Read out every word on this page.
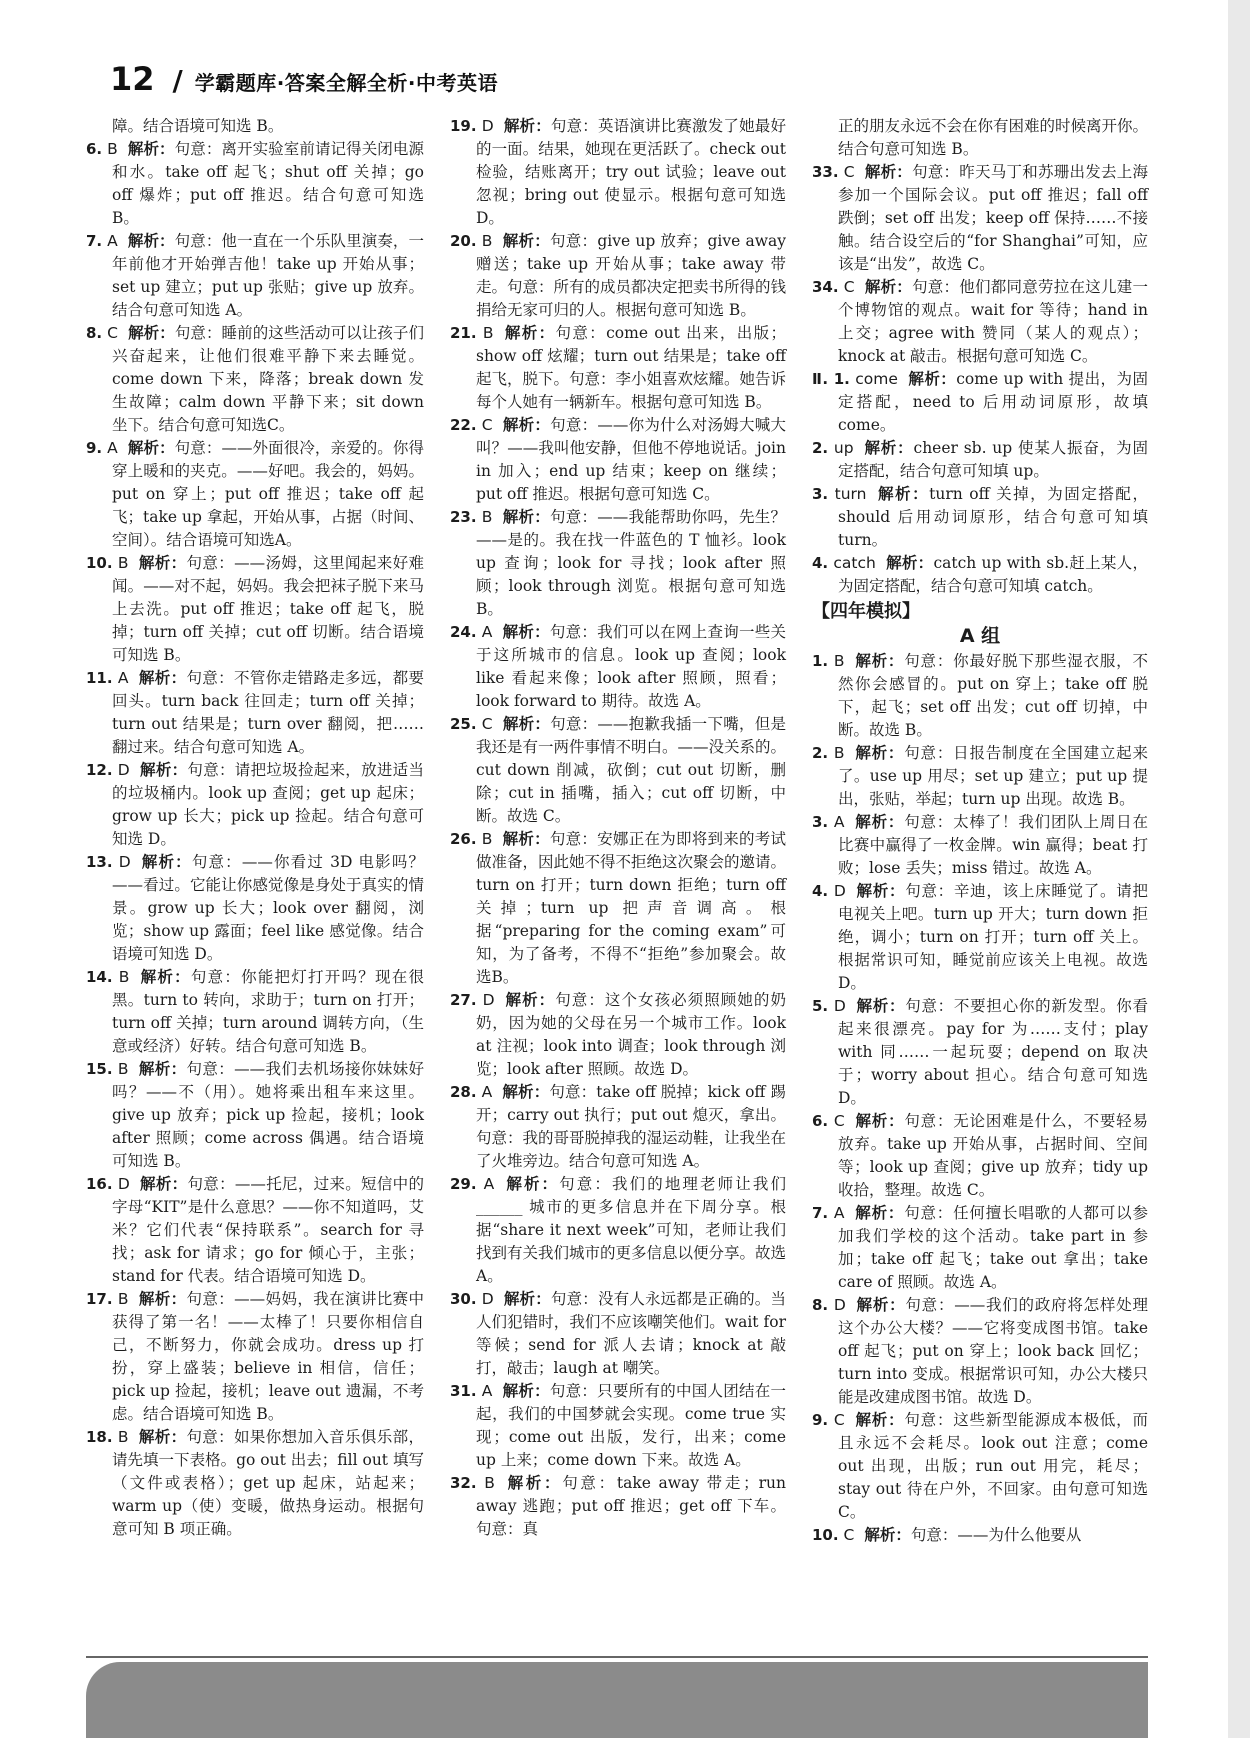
12 / 学霸题库·答案全解全析·中考英语

障。结合语境可知选 B。

6. B 解析：句意：离开实验室前请记得关闭电源和水。take off 起飞；shut off 关掉；go off 爆炸；put off 推迟。结合句意可知选 B。

7. A 解析：句意：他一直在一个乐队里演奏，一年前他才开始弹吉他！take up 开始从事；set up 建立；put up 张贴；give up 放弃。结合句意可知选 A。

8. C 解析：句意：睡前的这些活动可以让孩子们兴奋起来，让他们很难平静下来去睡觉。come down 下来，降落；break down 发生故障；calm down 平静下来；sit down 坐下。结合句意可知选C。

9. A 解析：句意：——外面很冷，亲爱的。你得穿上暖和的夹克。——好吧。我会的，妈妈。put on 穿上；put off 推迟；take off 起飞；take up 拿起，开始从事，占据（时间、空间）。结合语境可知选A。

10. B 解析：句意：——汤姆，这里闻起来好难闻。——对不起，妈妈。我会把袜子脱下来马上去洗。put off 推迟；take off 起飞，脱掉；turn off 关掉；cut off 切断。结合语境可知选 B。

11. A 解析：句意：不管你走错路走多远，都要回头。turn back 往回走；turn off 关掉；turn out 结果是；turn over 翻阅，把……翻过来。结合句意可知选 A。

12. D 解析：句意：请把垃圾捡起来，放进适当的垃圾桶内。look up 查阅；get up 起床；grow up 长大；pick up 捡起。结合句意可知选 D。

13. D 解析：句意：——你看过 3D 电影吗？——看过。它能让你感觉像是身处于真实的情景。grow up 长大；look over 翻阅，浏览；show up 露面；feel like 感觉像。结合语境可知选 D。

14. B 解析：句意：你能把灯打开吗？现在很黑。turn to 转向，求助于；turn on 打开；turn off 关掉；turn around 调转方向，（生意或经济）好转。结合句意可知选 B。

15. B 解析：句意：——我们去机场接你妹妹好吗？——不（用）。她将乘出租车来这里。give up 放弃；pick up 捡起，接机；look after 照顾；come across 偶遇。结合语境可知选 B。

16. D 解析：句意：——托尼，过来。短信中的字母“KIT”是什么意思？——你不知道吗，艾米？它们代表“保持联系”。search for 寻找；ask for 请求；go for 倾心于，主张；stand for 代表。结合语境可知选 D。

17. B 解析：句意：——妈妈，我在演讲比赛中获得了第一名！——太棒了！只要你相信自己，不断努力，你就会成功。dress up 打扮，穿上盛装；believe in 相信，信任；pick up 捡起，接机；leave out 遗漏，不考虑。结合语境可知选 B。

18. B 解析：句意：如果你想加入音乐俱乐部，请先填一下表格。go out 出去；fill out 填写（文件或表格）；get up 起床，站起来；warm up（使）变暖，做热身运动。根据句意可知 B 项正确。

19. D 解析：句意：英语演讲比赛激发了她最好的一面。结果，她现在更活跃了。check out 检验，结账离开；try out 试验；leave out 忽视；bring out 使显示。根据句意可知选 D。

20. B 解析：句意：give up 放弃；give away 赠送；take up 开始从事；take away 带走。句意：所有的成员都决定把卖书所得的钱捐给无家可归的人。根据句意可知选 B。

21. B 解析：句意：come out 出来，出版；show off 炫耀；turn out 结果是；take off 起飞，脱下。句意：李小姐喜欢炫耀。她告诉每个人她有一辆新车。根据句意可知选 B。

22. C 解析：句意：——你为什么对汤姆大喊大叫？——我叫他安静，但他不停地说话。join in 加入；end up 结束；keep on 继续；put off 推迟。根据句意可知选 C。

23. B 解析：句意：——我能帮助你吗，先生？——是的。我在找一件蓝色的 T 恤衫。look up 查询；look for 寻找；look after 照顾；look through 浏览。根据句意可知选 B。

24. A 解析：句意：我们可以在网上查询一些关于这所城市的信息。look up 查阅；look like 看起来像；look after 照顾，照看；look forward to 期待。故选 A。

25. C 解析：句意：——抱歉我插一下嘴，但是我还是有一两件事情不明白。——没关系的。cut down 削减，砍倒；cut out 切断，删除；cut in 插嘴，插入；cut off 切断，中断。故选 C。

26. B 解析：句意：安娜正在为即将到来的考试做准备，因此她不得不拒绝这次聚会的邀请。turn on 打开；turn down 拒绝；turn off 关掉；turn up 把声音调高。根据“preparing for the coming exam”可知，为了备考，不得不“拒绝”参加聚会。故选B。

27. D 解析：句意：这个女孩必须照顾她的奶奶，因为她的父母在另一个城市工作。look at 注视；look into 调查；look through 浏览；look after 照顾。故选 D。

28. A 解析：句意：take off 脱掉；kick off 踢开；carry out 执行；put out 熄灭，拿出。句意：我的哥哥脱掉我的湿运动鞋，让我坐在了火堆旁边。结合句意可知选 A。

29. A 解析：句意：我们的地理老师让我们 ______ 城市的更多信息并在下周分享。根据“share it next week”可知，老师让我们找到有关我们城市的更多信息以便分享。故选 A。

30. D 解析：句意：没有人永远都是正确的。当人们犯错时，我们不应该嘲笑他们。wait for 等候；send for 派人去请；knock at 敲打，敲击；laugh at 嘲笑。

31. A 解析：句意：只要所有的中国人团结在一起，我们的中国梦就会实现。come true 实现；come out 出版，发行，出来；come up 上来；come down 下来。故选 A。

32. B 解析：句意：take away 带走；run away 逃跑；put off 推迟；get off 下车。句意：真

正的朋友永远不会在你有困难的时候离开你。结合句意可知选 B。

33. C 解析：句意：昨天马丁和苏珊出发去上海参加一个国际会议。put off 推迟；fall off 跌倒；set off 出发；keep off 保持……不接触。结合设空后的“for Shanghai”可知，应该是“出发”，故选 C。

34. C 解析：句意：他们都同意劳拉在这儿建一个博物馆的观点。wait for 等待；hand in 上交；agree with 赞同（某人的观点）；knock at 敲击。根据句意可知选 C。

Ⅱ. 1. come 解析：come up with 提出，为固定搭配，need to 后用动词原形，故填 come。

2. up 解析：cheer sb. up 使某人振奋，为固定搭配，结合句意可知填 up。

3. turn 解析：turn off 关掉，为固定搭配，should 后用动词原形，结合句意可知填 turn。

4. catch 解析：catch up with sb.赶上某人，为固定搭配，结合句意可知填 catch。

【四年模拟】
A 组

1. B 解析：句意：你最好脱下那些湿衣服，不然你会感冒的。put on 穿上；take off 脱下，起飞；set off 出发；cut off 切掉，中断。故选 B。

2. B 解析：句意：日报告制度在全国建立起来了。use up 用尽；set up 建立；put up 提出，张贴，举起；turn up 出现。故选 B。

3. A 解析：句意：太棒了！我们团队上周日在比赛中赢得了一枚金牌。win 赢得；beat 打败；lose 丢失；miss 错过。故选 A。

4. D 解析：句意：辛迪，该上床睡觉了。请把电视关上吧。turn up 开大；turn down 拒绝，调小；turn on 打开；turn off 关上。根据常识可知，睡觉前应该关上电视。故选 D。

5. D 解析：句意：不要担心你的新发型。你看起来很漂亮。pay for 为……支付；play with 同……一起玩耍；depend on 取决于；worry about 担心。结合句意可知选 D。

6. C 解析：句意：无论困难是什么，不要轻易放弃。take up 开始从事，占据时间、空间等；look up 查阅；give up 放弃；tidy up 收拾，整理。故选 C。

7. A 解析：句意：任何擅长唱歌的人都可以参加我们学校的这个活动。take part in 参加；take off 起飞；take out 拿出；take care of 照顾。故选 A。

8. D 解析：句意：——我们的政府将怎样处理这个办公大楼？——它将变成图书馆。take off 起飞；put on 穿上；look back 回忆；turn into 变成。根据常识可知，办公大楼只能是改建成图书馆。故选 D。

9. C 解析：句意：这些新型能源成本极低，而且永远不会耗尽。look out 注意；come out 出现，出版；run out 用完，耗尽；stay out 待在户外，不回家。由句意可知选 C。

10. C 解析：句意：——为什么他要从
